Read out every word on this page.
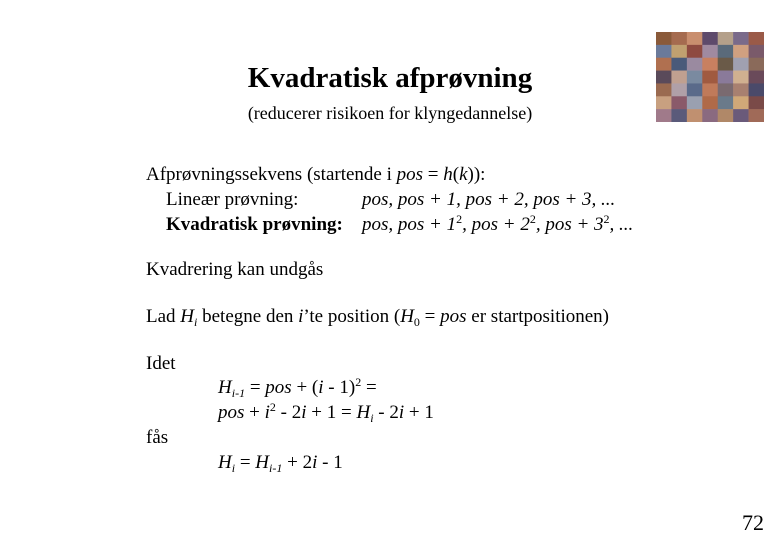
Kvadratisk afprøvning
(reducerer risikoen for klyngedannelse)
Afprøvningssekvens (startende i pos = h(k)):
Lineær prøvning:	pos, pos + 1, pos + 2, pos + 3, ...
Kvadratisk prøvning: pos, pos + $1^2$, pos + $2^2$, pos + $3^2$, ...
Kvadrering kan undgås
Lad $H_i$ betegne den i’te position ($H_0$ = pos er startpositionen)
Idet
$H_{i-1}$ = pos + (i - 1)$^2$ =
pos + $i^2 - 2i + 1 = H_i - 2i + 1$
fås
$H_i = H_{i-1} + 2i - 1$
72
